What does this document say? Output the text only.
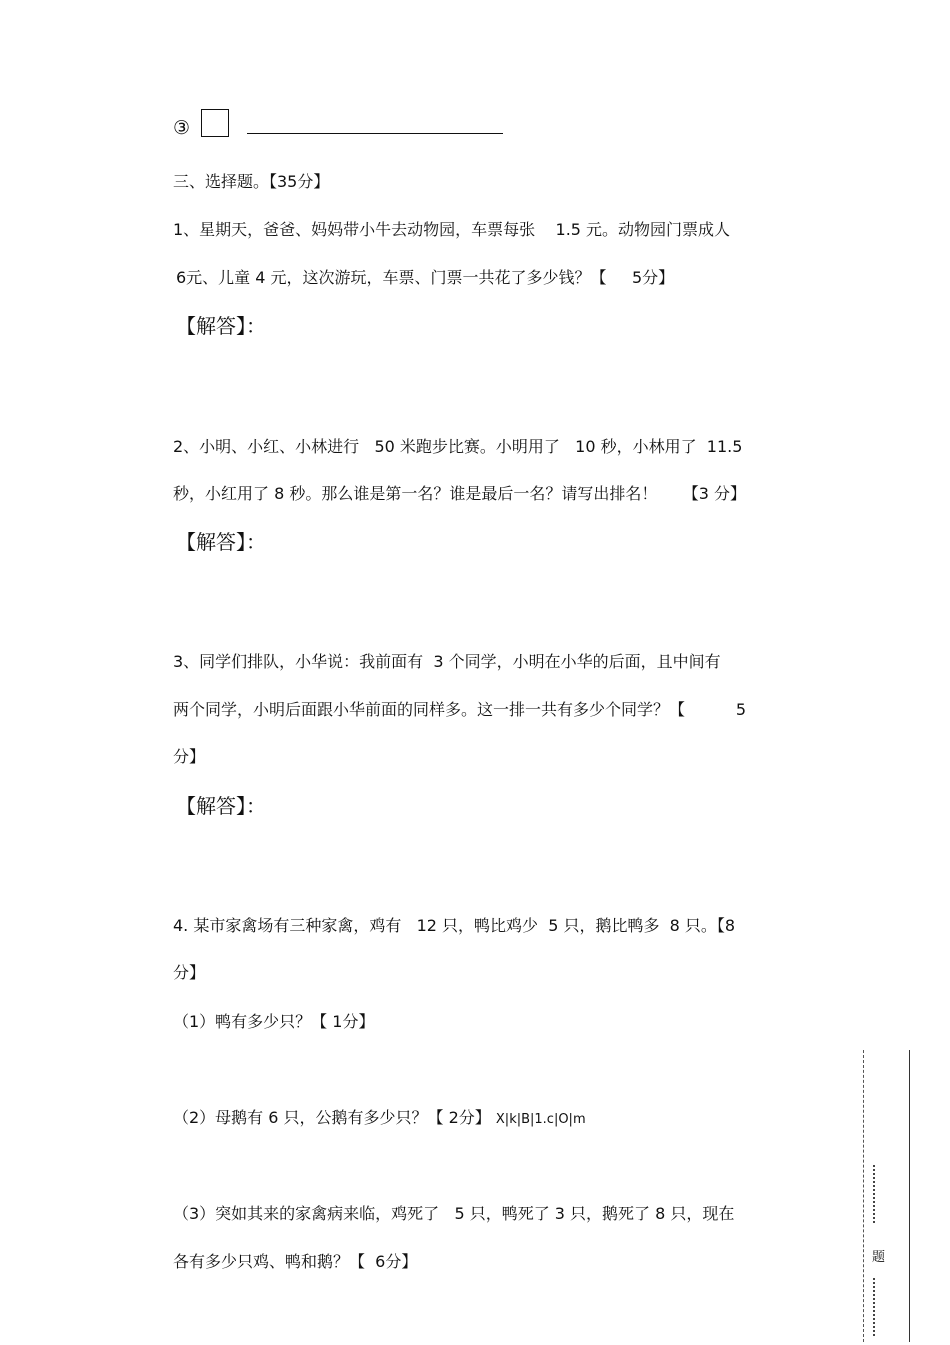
③
三、选择题。【35分】
1、星期天，爸爸、妈妈带小牛去动物园，车票每张    1.5 元。动物园门票成人
6元、儿童 4 元，这次游玩，车票、门票一共花了多少钱？【     5分】
【解答】：
2、小明、小红、小林进行   50 米跑步比赛。小明用了   10 秒，小林用了  11.5
秒，小红用了 8 秒。那么谁是第一名？谁是最后一名？请写出排名！     【3 分】
【解答】：
3、同学们排队，小华说：我前面有  3 个同学，小明在小华的后面，且中间有
两个同学，小明后面跟小华前面的同样多。这一排一共有多少个同学？【          5
分】
【解答】：
4. 某市家禽场有三种家禽，鸡有   12 只，鸭比鸡少  5 只，鹅比鸭多  8 只。【8
分】
（1）鸭有多少只？【 1分】
（2）母鹅有 6 只，公鹅有多少只？【 2分】 X|k|B|1.c|O|m
（3）突如其来的家禽病来临，鸡死了   5 只，鸭死了 3 只，鹅死了 8 只，现在
各有多少只鸡、鸭和鹅？【  6分】	题
